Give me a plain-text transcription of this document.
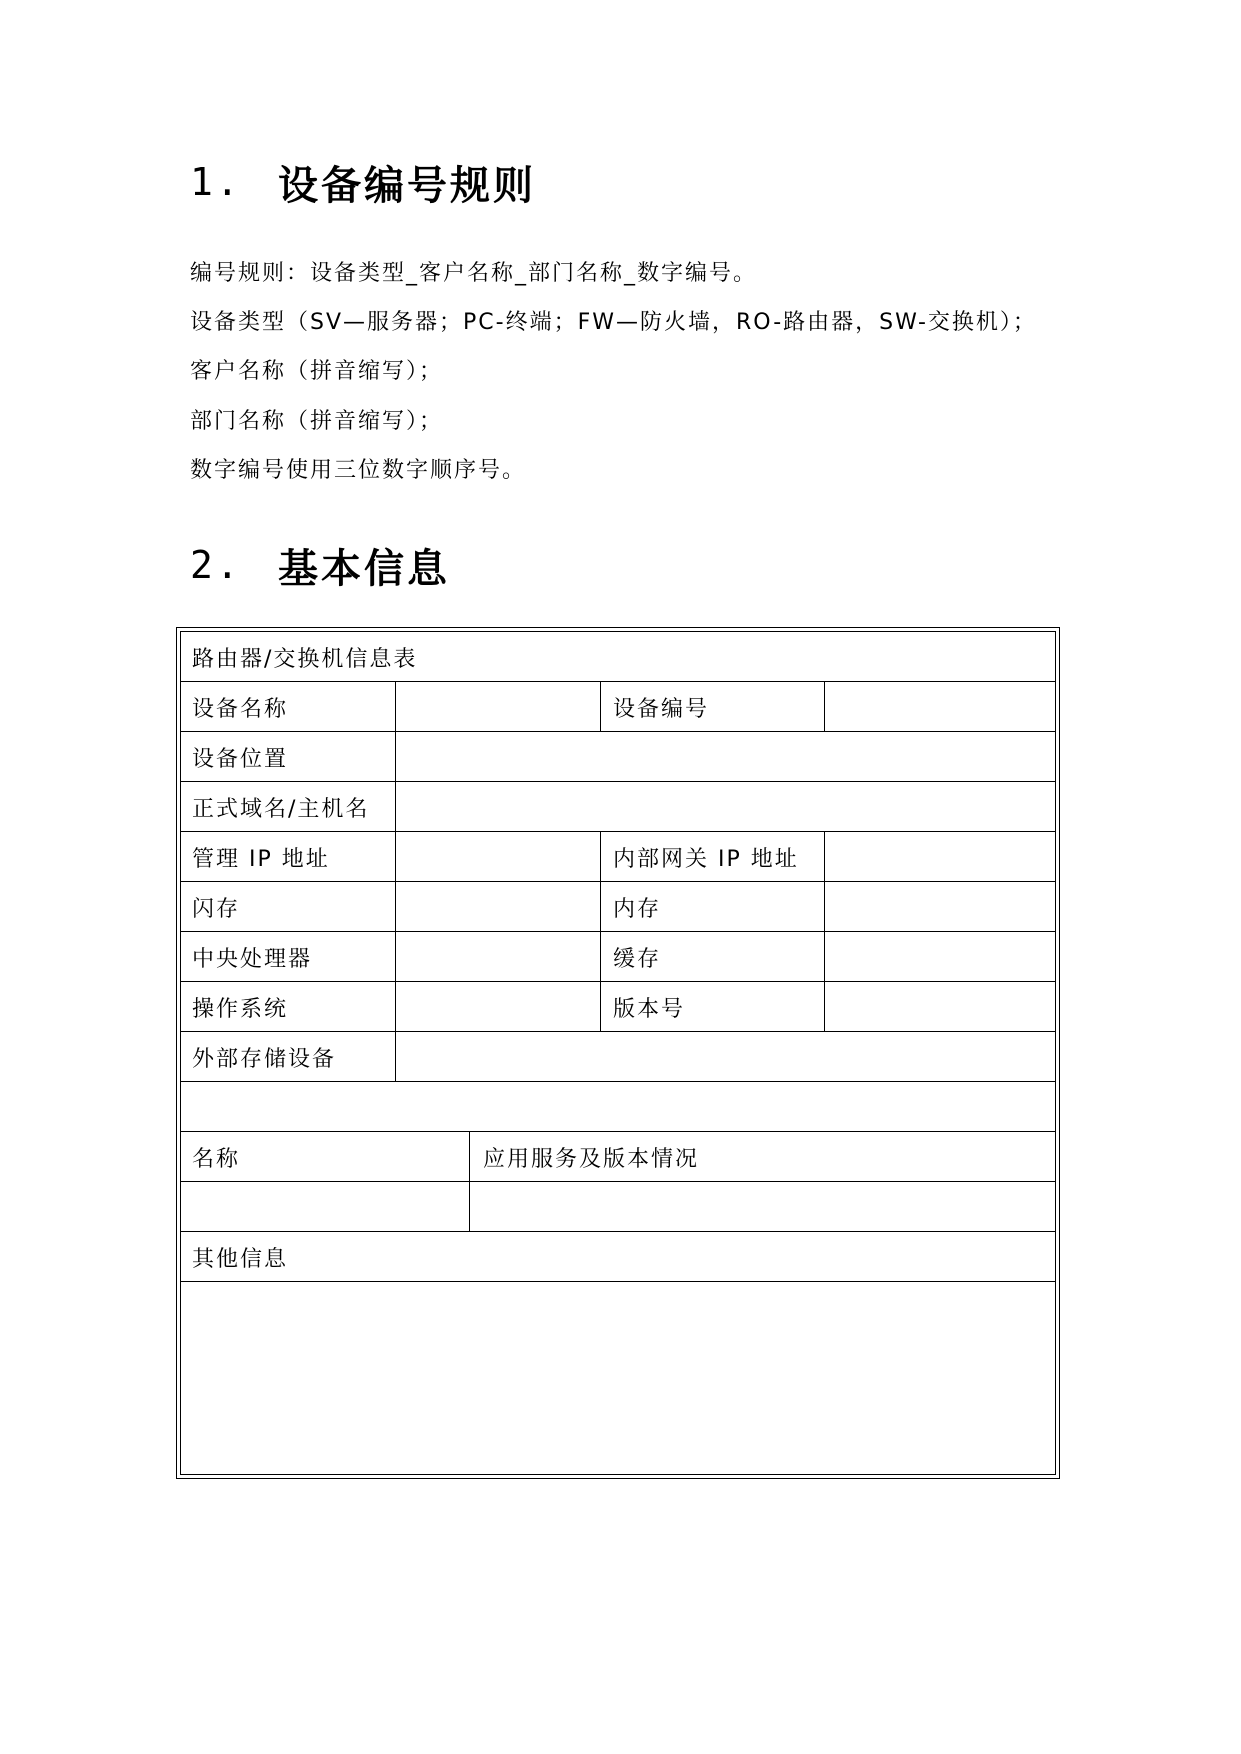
1. 设备编号规则
编号规则：设备类型_客户名称_部门名称_数字编号。
设备类型（SV—服务器；PC-终端；FW—防火墙，RO-路由器，SW-交换机）；
客户名称（拼音缩写）；
部门名称（拼音缩写）；
数字编号使用三位数字顺序号。
2. 基本信息
路由器/交换机信息表
设备名称	设备编号
设备位置
正式域名/主机名
管理 IP 地址	内部网关 IP 地址
闪存	内存
中央处理器	缓存
操作系统	版本号
外部存储设备
名称	应用服务及版本情况
其他信息
